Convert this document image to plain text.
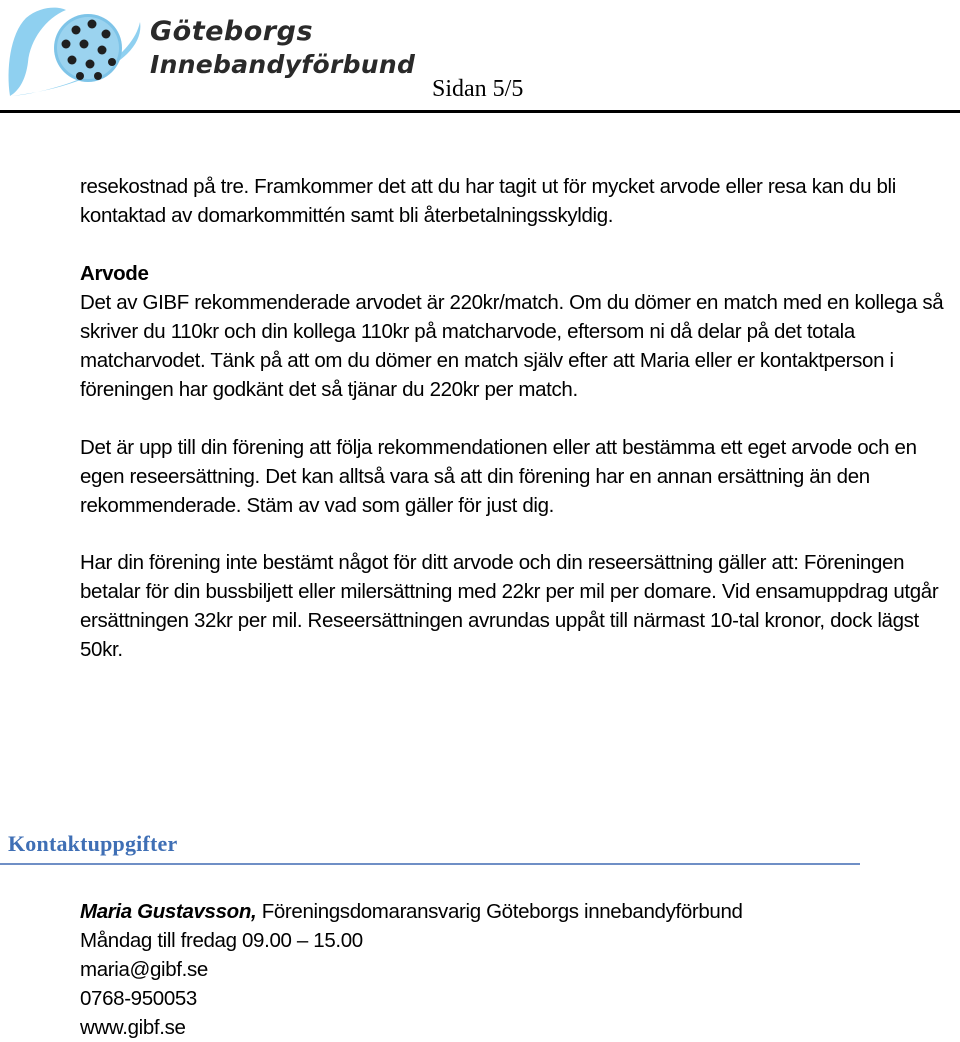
Göteborgs
Innebandyförbund
Sidan 5/5

resekostnad på tre. Framkommer det att du har tagit ut för mycket arvode eller resa kan du bli kontaktad av domarkommittén samt bli återbetalningsskyldig.

Arvode

Det av GIBF rekommenderade arvodet är 220kr/match. Om du dömer en match med en kollega så skriver du 110kr och din kollega 110kr på matcharvode, eftersom ni då delar på det totala matcharvodet. Tänk på att om du dömer en match själv efter att Maria eller er kontaktperson i föreningen har godkänt det så tjänar du 220kr per match.

Det är upp till din förening att följa rekommendationen eller att bestämma ett eget arvode och en egen reseersättning. Det kan alltså vara så att din förening har en annan ersättning än den rekommenderade. Stäm av vad som gäller för just dig.

Har din förening inte bestämt något för ditt arvode och din reseersättning gäller att: Föreningen betalar för din bussbiljett eller milersättning med 22kr per mil per domare. Vid ensamuppdrag utgår ersättningen 32kr per mil. Reseersättningen avrundas uppåt till närmast 10-tal kronor, dock lägst 50kr.

Kontaktuppgifter
Maria Gustavsson, Föreningsdomaransvarig Göteborgs innebandyförbund
Måndag till fredag 09.00 – 15.00
maria@gibf.se
0768-950053
www.gibf.se
